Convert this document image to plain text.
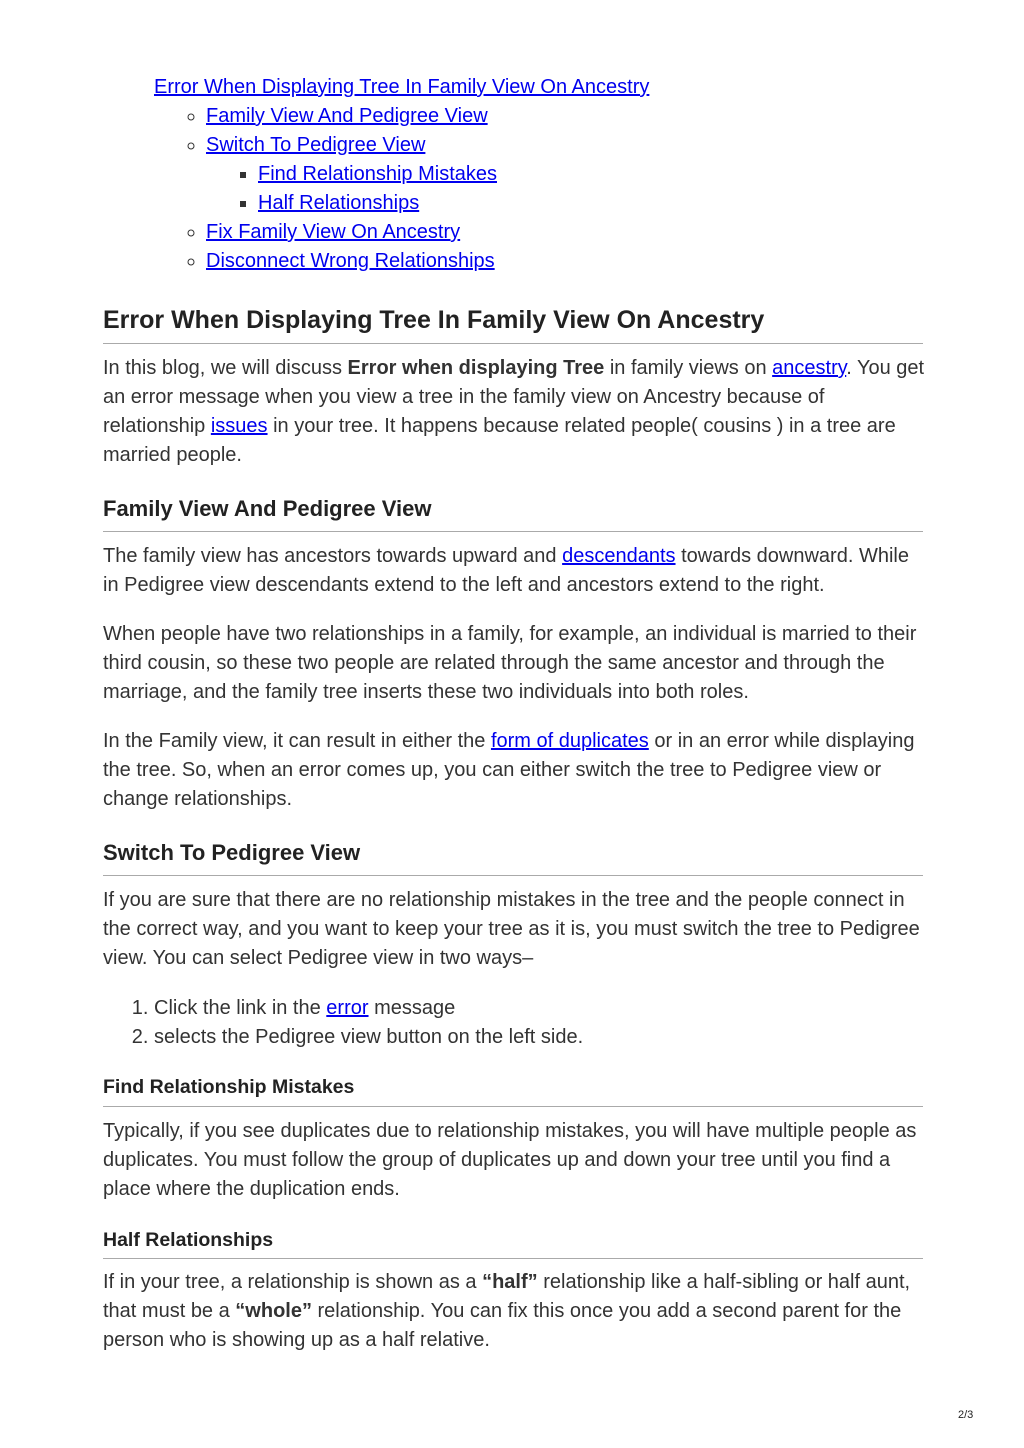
Error When Displaying Tree In Family View On Ancestry
◦ Family View And Pedigree View
◦ Switch To Pedigree View
▪ Find Relationship Mistakes
▪ Half Relationships
◦ Fix Family View On Ancestry
◦ Disconnect Wrong Relationships
Error When Displaying Tree In Family View On Ancestry

In this blog, we will discuss Error when displaying Tree in family views on ancestry. You get an error message when you view a tree in the family view on Ancestry because of relationship issues in your tree. It happens because related people( cousins ) in a tree are married people.

Family View And Pedigree View

The family view has ancestors towards upward and descendants towards downward. While in Pedigree view descendants extend to the left and ancestors extend to the right.

When people have two relationships in a family, for example, an individual is married to their third cousin, so these two people are related through the same ancestor and through the marriage, and the family tree inserts these two individuals into both roles.

In the Family view, it can result in either the form of duplicates or in an error while displaying the tree. So, when an error comes up, you can either switch the tree to Pedigree view or change relationships.

Switch To Pedigree View

If you are sure that there are no relationship mistakes in the tree and the people connect in the correct way, and you want to keep your tree as it is, you must switch the tree to Pedigree view. You can select Pedigree view in two ways–

1. Click the link in the error message
2. selects the Pedigree view button on the left side.
Find Relationship Mistakes

Typically, if you see duplicates due to relationship mistakes, you will have multiple people as duplicates. You must follow the group of duplicates up and down your tree until you find a place where the duplication ends.

Half Relationships

If in your tree, a relationship is shown as a “half” relationship like a half-sibling or half aunt, that must be a “whole” relationship. You can fix this once you add a second parent for the person who is showing up as a half relative.

2/3
